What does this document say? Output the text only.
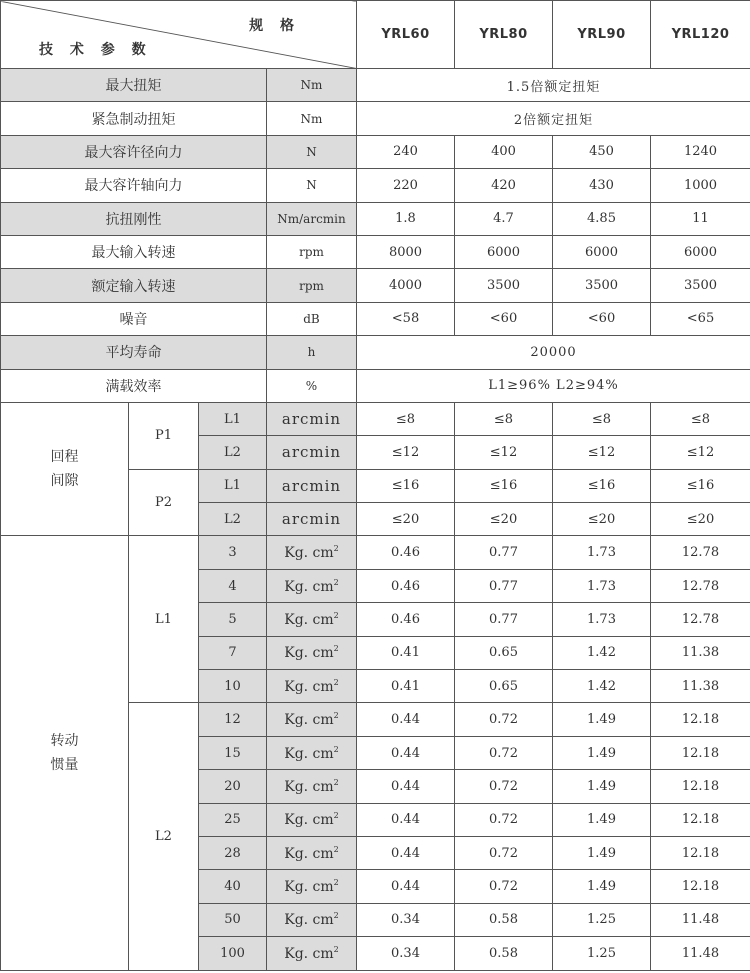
规 格
技 术 参 数				YRL60	YRL80	YRL90	YRL120
最大扭矩			Nm	1.5倍额定扭矩			
紧急制动扭矩			Nm	2倍额定扭矩			
最大容许径向力			N	240	400	450	1240
最大容许轴向力			N	220	420	430	1000
抗扭刚性			Nm/arcmin	1.8	4.7	4.85	11
最大输入转速			rpm	8000	6000	6000	6000
额定输入转速			rpm	4000	3500	3500	3500
噪音			dB	<58	<60	<60	<65
平均寿命			h	20000			
满载效率			%	L1≥96% L2≥94%			
回程
间隙	P1	L1	arcmin	≤8	≤8	≤8	≤8
		L2	arcmin	≤12	≤12	≤12	≤12
	P2	L1	arcmin	≤16	≤16	≤16	≤16
		L2	arcmin	≤20	≤20	≤20	≤20
转动
惯量	L1	3	Kg. $cm^2$	0.46	0.77	1.73	12.78
		4	Kg. $cm^2$	0.46	0.77	1.73	12.78
		5	Kg. $cm^2$	0.46	0.77	1.73	12.78
		7	Kg. $cm^2$	0.41	0.65	1.42	11.38
		10	Kg. $cm^2$	0.41	0.65	1.42	11.38
	L2	12	Kg. $cm^2$	0.44	0.72	1.49	12.18
		15	Kg. $cm^2$	0.44	0.72	1.49	12.18
		20	Kg. $cm^2$	0.44	0.72	1.49	12.18
		25	Kg. $cm^2$	0.44	0.72	1.49	12.18
		28	Kg. $cm^2$	0.44	0.72	1.49	12.18
		40	Kg. $cm^2$	0.44	0.72	1.49	12.18
		50	Kg. $cm^2$	0.34	0.58	1.25	11.48
		100	Kg. $cm^2$	0.34	0.58	1.25	11.48
